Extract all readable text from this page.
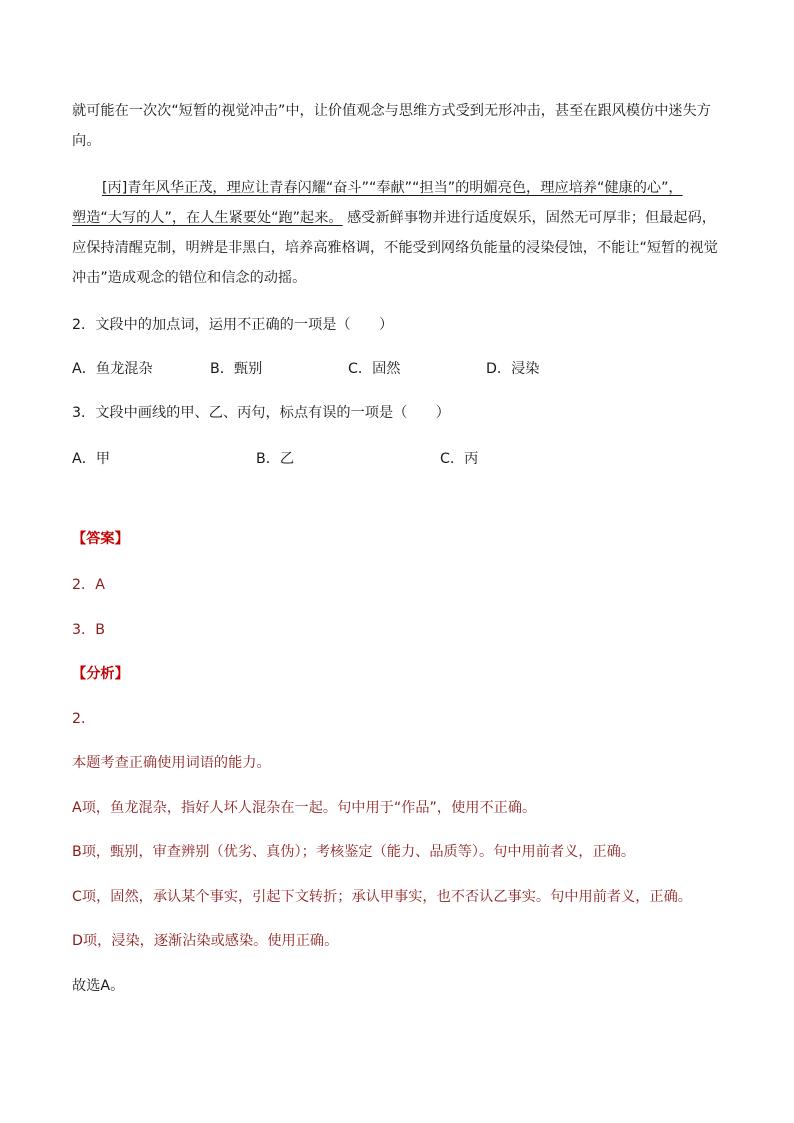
就可能在一次次“短暂的视觉冲击”中，让价值观念与思维方式受到无形冲击，甚至在跟风模仿中迷失方
向。
[丙]青年风华正茂，理应让青春闪耀“奋斗”“奉献”“担当”的明媚亮色，理应培养“健康的心”，
塑造“大写的人”，在人生紧要处“跑”起来。 感受新鲜事物并进行适度娱乐，固然无可厚非；但最起码，
应保持清醒克制，明辨是非黑白，培养高雅格调，不能受到网络负能量的浸染侵蚀，不能让“短暂的视觉
冲击”造成观念的错位和信念的动摇。
2．文段中的加点词，运用不正确的一项是（　　）
A．鱼龙混杂	B．甄别	C．固然	D．浸染
3．文段中画线的甲、乙、丙句，标点有误的一项是（　　）
A．甲	B．乙	C．丙
【答案】
2．A
3．B
【分析】
2．
本题考查正确使用词语的能力。
A项，鱼龙混杂，指好人坏人混杂在一起。句中用于“作品”，使用不正确。
B项，甄别，审查辨别（优劣、真伪）；考核鉴定（能力、品质等）。句中用前者义，正确。
C项，固然，承认某个事实，引起下文转折；承认甲事实，也不否认乙事实。句中用前者义，正确。
D项，浸染，逐渐沾染或感染。使用正确。
故选A。
